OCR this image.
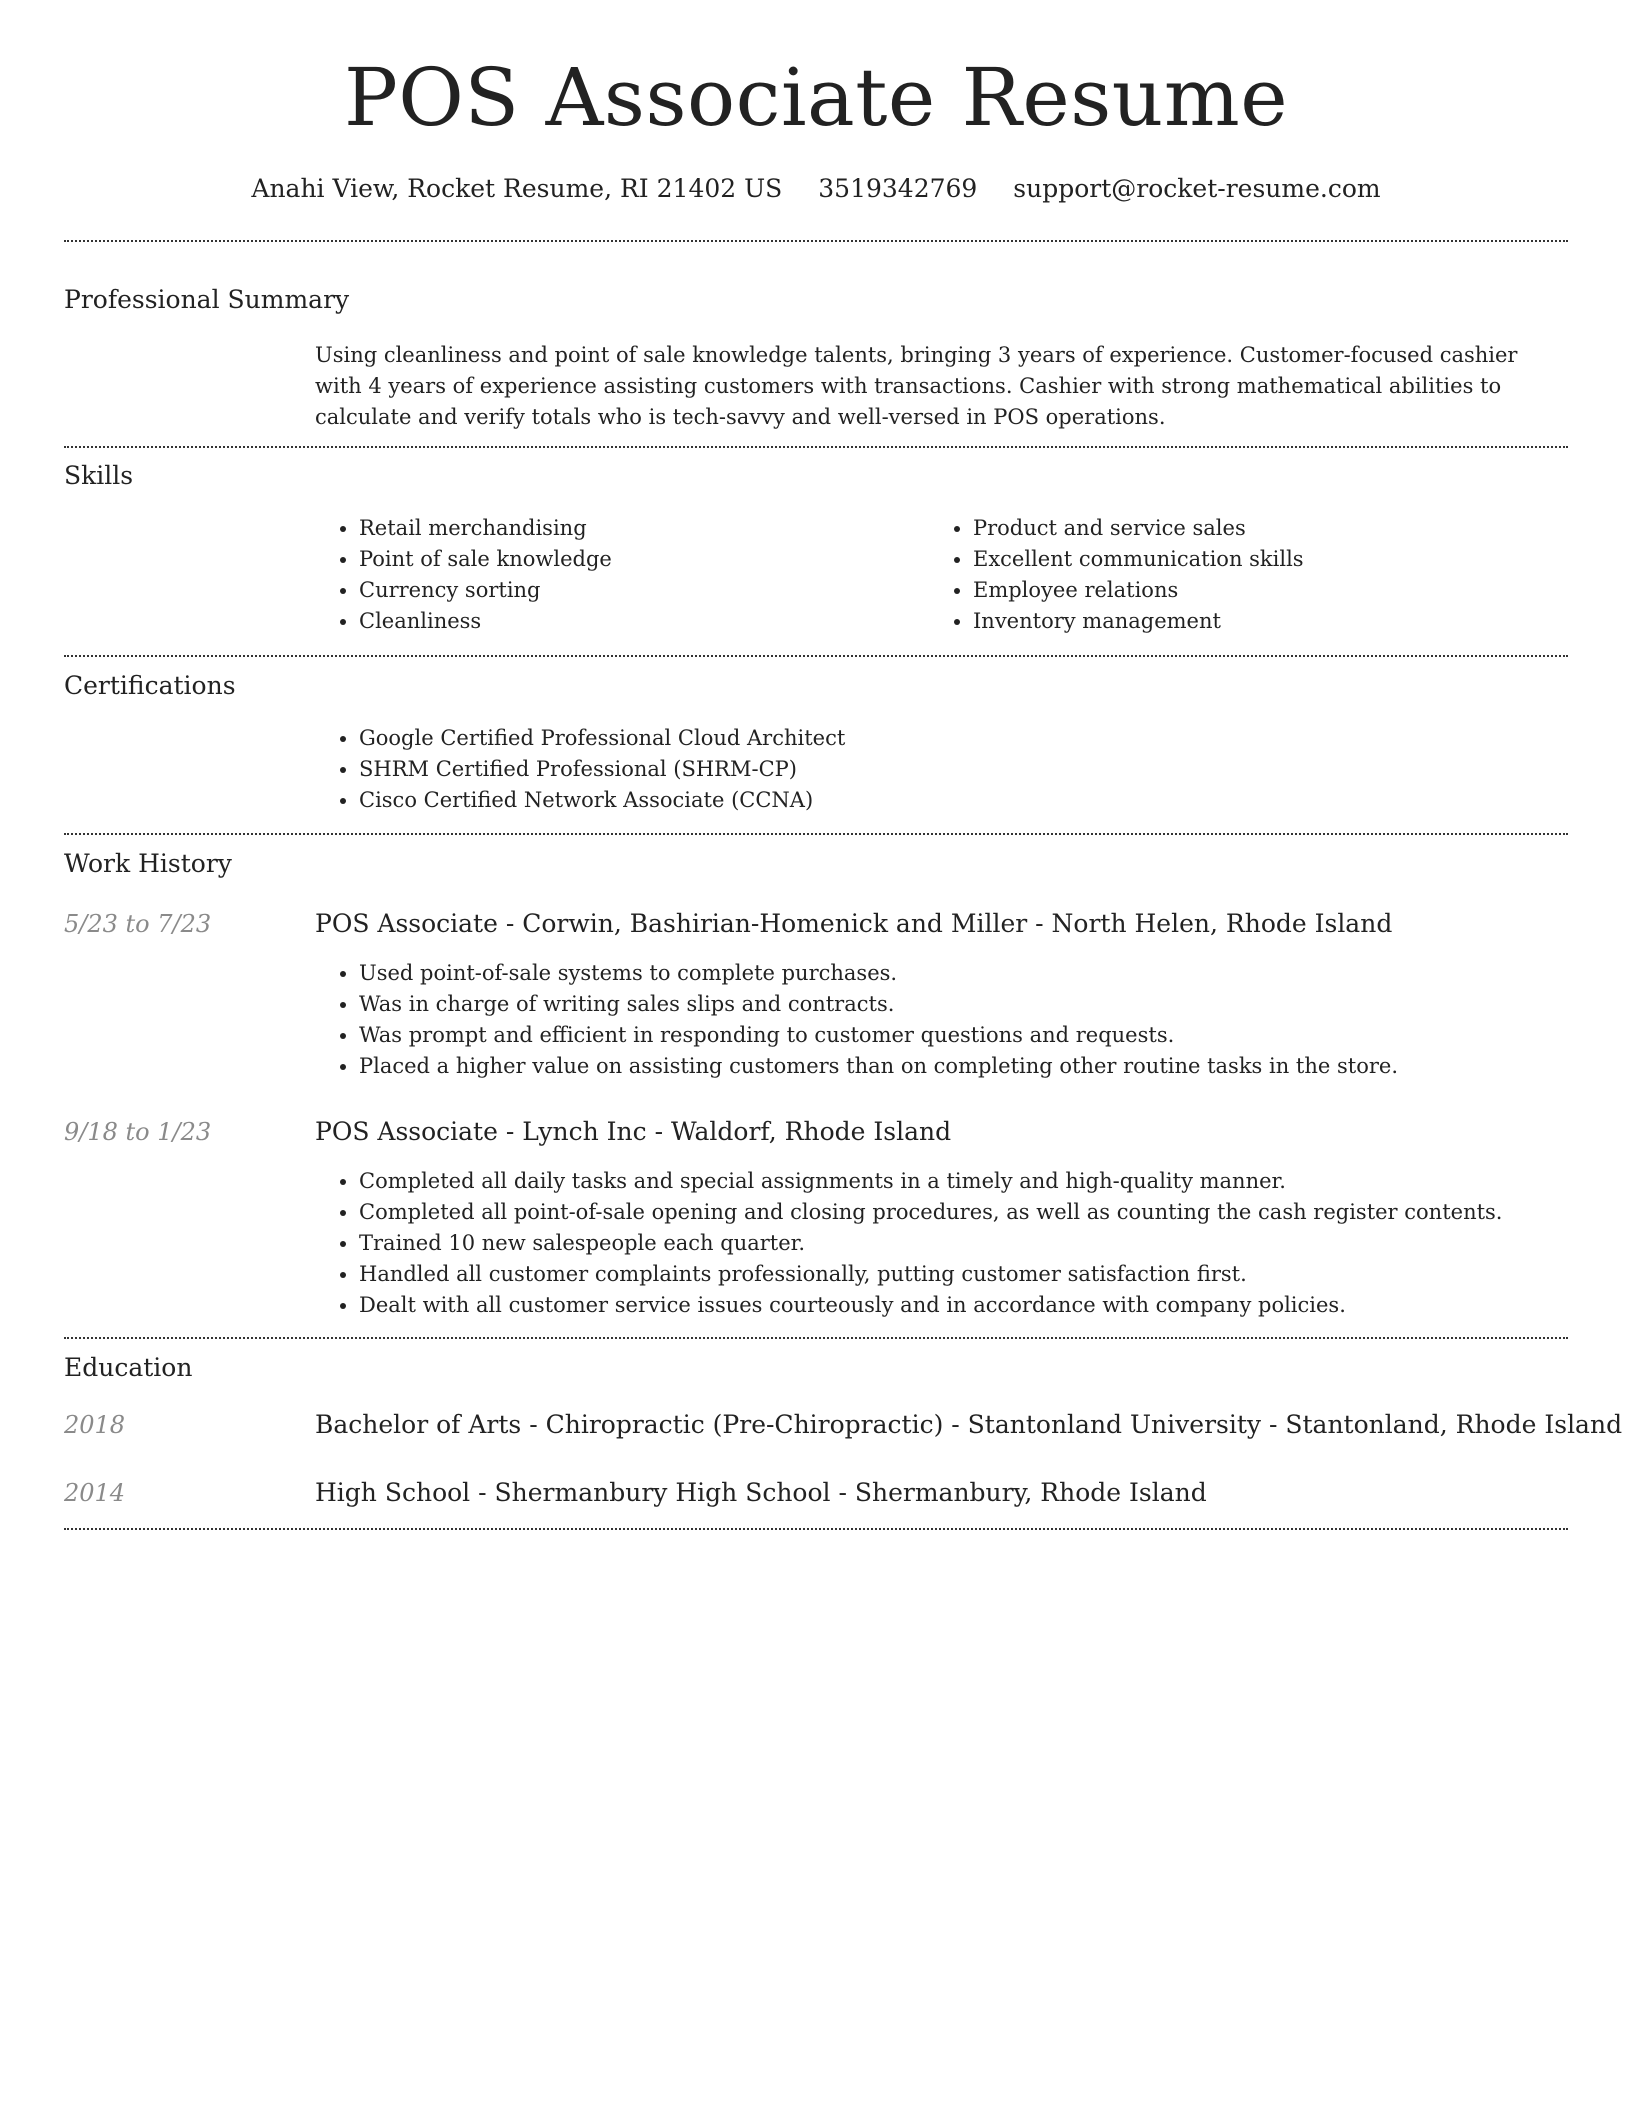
POS Associate Resume
Anahi View, Rocket Resume, RI 21402 US 3519342769 support@rocket-resume.com
Professional Summary

Using cleanliness and point of sale knowledge talents, bringing 3 years of experience. Customer-focused cashier with 4 years of experience assisting customers with transactions. Cashier with strong mathematical abilities to calculate and verify totals who is tech-savvy and well-versed in POS operations.

Skills
• Retail merchandising
• Point of sale knowledge
• Currency sorting
• Cleanliness
• Product and service sales
• Excellent communication skills
• Employee relations
• Inventory management
Certifications
• Google Certified Professional Cloud Architect
• SHRM Certified Professional (SHRM-CP)
• Cisco Certified Network Associate (CCNA)
Work History
5/23 to 7/23	POS Associate - Corwin, Bashirian-Homenick and Miller - North Helen, Rhode Island
• Used point-of-sale systems to complete purchases.
• Was in charge of writing sales slips and contracts.
• Was prompt and efficient in responding to customer questions and requests.
• Placed a higher value on assisting customers than on completing other routine tasks in the store.
9/18 to 1/23	POS Associate - Lynch Inc - Waldorf, Rhode Island
• Completed all daily tasks and special assignments in a timely and high-quality manner.
• Completed all point-of-sale opening and closing procedures, as well as counting the cash register contents.
• Trained 10 new salespeople each quarter.
• Handled all customer complaints professionally, putting customer satisfaction first.
• Dealt with all customer service issues courteously and in accordance with company policies.
Education
2018	Bachelor of Arts - Chiropractic (Pre-Chiropractic) - Stantonland University - Stantonland, Rhode Island
2014	High School - Shermanbury High School - Shermanbury, Rhode Island
